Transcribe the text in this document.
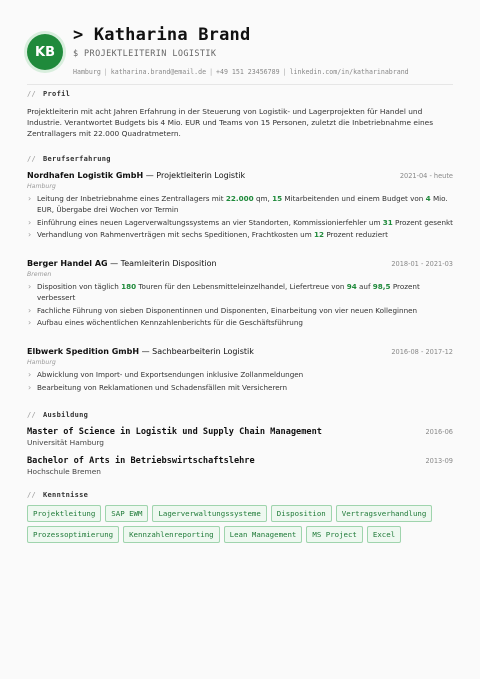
KB
> Katharina Brand
$ PROJEKTLEITERIN LOGISTIK
Hamburg | katharina.brand@email.de | +49 151 23456789 | linkedin.com/in/katharinabrand
// Profil
Projektleiterin mit acht Jahren Erfahrung in der Steuerung von Logistik- und Lagerprojekten für Handel und Industrie. Verantwortet Budgets bis 4 Mio. EUR und Teams von 15 Personen, zuletzt die Inbetriebnahme eines Zentrallagers mit 22.000 Quadratmetern.
// Berufserfahrung
Nordhafen Logistik GmbH — Projektleiterin Logistik	2021-04 - heute
Hamburg
› Leitung der Inbetriebnahme eines Zentrallagers mit 22.000 qm, 15 Mitarbeitenden und einem Budget von 4 Mio. EUR, Übergabe drei Wochen vor Termin
› Einführung eines neuen Lagerverwaltungssystems an vier Standorten, Kommissionierfehler um 31 Prozent gesenkt
› Verhandlung von Rahmenverträgen mit sechs Speditionen, Frachtkosten um 12 Prozent reduziert
Berger Handel AG — Teamleiterin Disposition	2018-01 - 2021-03
Bremen
› Disposition von täglich 180 Touren für den Lebensmitteleinzelhandel, Liefertreue von 94 auf 98,5 Prozent verbessert
› Fachliche Führung von sieben Disponentinnen und Disponenten, Einarbeitung von vier neuen Kolleginnen
› Aufbau eines wöchentlichen Kennzahlenberichts für die Geschäftsführung
Elbwerk Spedition GmbH — Sachbearbeiterin Logistik	2016-08 - 2017-12
Hamburg
› Abwicklung von Import- und Exportsendungen inklusive Zollanmeldungen
› Bearbeitung von Reklamationen und Schadensfällen mit Versicherern
// Ausbildung
Master of Science in Logistik und Supply Chain Management	2016-06
Universität Hamburg
Bachelor of Arts in Betriebswirtschaftslehre	2013-09
Hochschule Bremen
// Kenntnisse
Projektleitung	SAP EWM	Lagerverwaltungssysteme	Disposition	Vertragsverhandlung
Prozessoptimierung	Kennzahlenreporting	Lean Management	MS Project	Excel
